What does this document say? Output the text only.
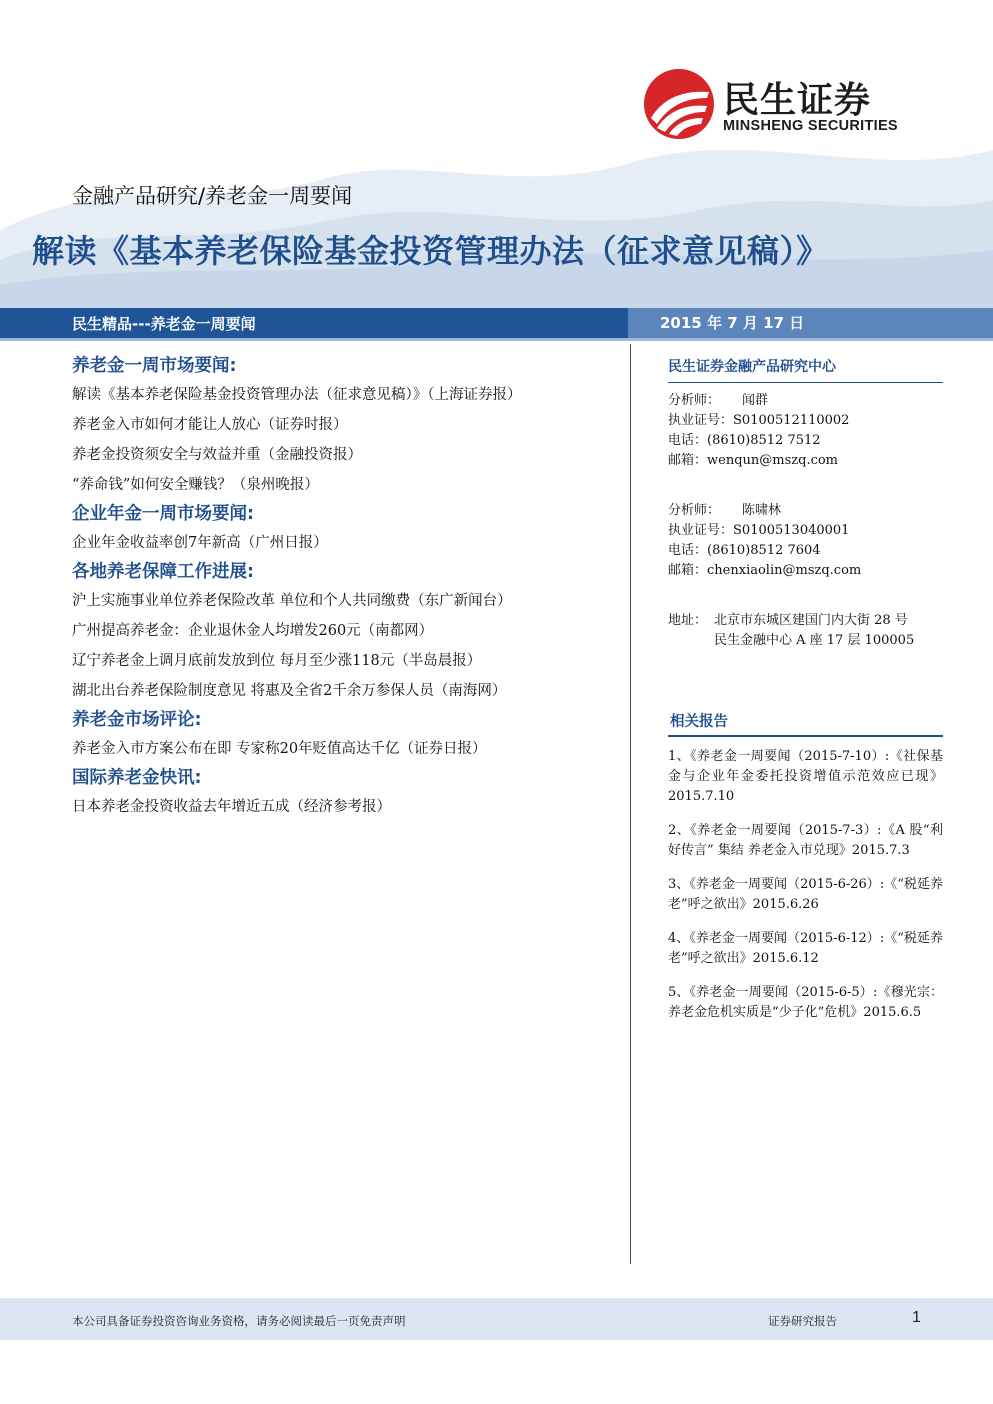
民生证券
MINSHENG SECURITIES
金融产品研究/养老金一周要闻
解读《基本养老保险基金投资管理办法（征求意见稿）》
民生精品---养老金一周要闻	2015 年 7 月 17 日
养老金一周市场要闻:
解读《基本养老保险基金投资管理办法（征求意见稿）》（上海证券报）
养老金入市如何才能让人放心（证券时报）
养老金投资须安全与效益并重（金融投资报）
“养命钱”如何安全赚钱？（泉州晚报）
企业年金一周市场要闻:
企业年金收益率创7年新高（广州日报）
各地养老保障工作进展:
沪上实施事业单位养老保险改革 单位和个人共同缴费（东广新闻台）
广州提高养老金：企业退休金人均增发260元（南都网）
辽宁养老金上调月底前发放到位 每月至少涨118元（半岛晨报）
湖北出台养老保险制度意见 将惠及全省2千余万参保人员（南海网）
养老金市场评论:
养老金入市方案公布在即 专家称20年贬值高达千亿（证券日报）
国际养老金快讯:
日本养老金投资收益去年增近五成（经济参考报）
民生证券金融产品研究中心
分析师： 闻群
执业证号：S0100512110002
电话：(8610)8512 7512
邮箱：wenqun@mszq.com
分析师： 陈啸林
执业证号：S0100513040001
电话：(8610)8512 7604
邮箱：chenxiaolin@mszq.com
地址： 北京市东城区建国门内大街 28 号
民生金融中心 A 座 17 层 100005
相关报告
1、《养老金一周要闻（2015-7-10）:《社保基金与企业年金委托投资增值示范效应已现》2015.7.10
2、《养老金一周要闻（2015-7-3）:《A 股“利好传言” 集结 养老金入市兑现》2015.7.3
3、《养老金一周要闻（2015-6-26）:《“税延养老”呼之欲出》2015.6.26
4、《养老金一周要闻（2015-6-12）:《“税延养老”呼之欲出》2015.6.12
5、《养老金一周要闻（2015-6-5）:《穆光宗：养老金危机实质是“少子化”危机》2015.6.5
本公司具备证券投资咨询业务资格，请务必阅读最后一页免责声明	证券研究报告	1
